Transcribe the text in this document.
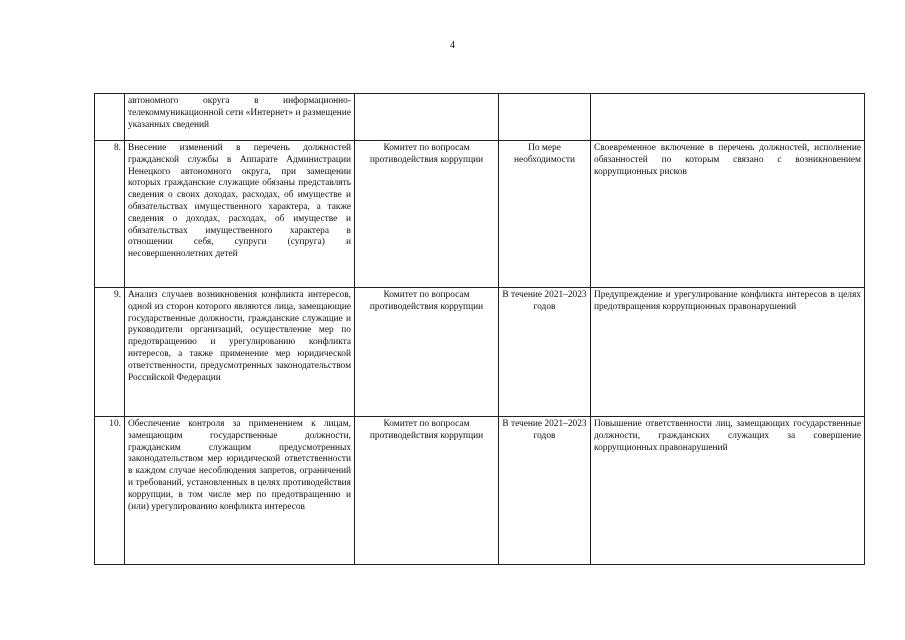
4
	автономного округа в информационно-телекоммуникационной сети «Интернет» и размещение указанных сведений			
8.	Внесение изменений в перечень должностей гражданской службы в Аппарате Администрации Ненецкого автономного округа, при замещении которых гражданские служащие обязаны представлять сведения о своих доходах, расходах, об имуществе и обязательствах имущественного характера, а также сведения о доходах, расходах, об имуществе и обязательствах имущественного характера в отношении себя, супруги (супруга) и несовершеннолетних детей	Комитет по вопросам противодействия коррупции	По мере необходимости	Своевременное включение в перечень должностей, исполнение обязанностей по которым связано с возникновением коррупционных рисков
9.	Анализ случаев возникновения конфликта интересов, одной из сторон которого являются лица, замещающие государственные должности, гражданские служащие и руководители организаций, осуществление мер по предотвращению и урегулированию конфликта интересов, а также применение мер юридической ответственности, предусмотренных законодательством Российской Федерации	Комитет по вопросам противодействия коррупции	В течение 2021–2023 годов	Предупреждение и урегулирование конфликта интересов в целях предотвращения коррупционных правонарушений
10.	Обеспечение контроля за применением к лицам, замещающим государственные должности, гражданским служащим предусмотренных законодательством мер юридической ответственности в каждом случае несоблюдения запретов, ограничений и требований, установленных в целях противодействия коррупции, в том числе мер по предотвращению и (или) урегулированию конфликта интересов	Комитет по вопросам противодействия коррупции	В течение 2021–2023 годов	Повышение ответственности лиц, замещающих государственные должности, гражданских служащих за совершение коррупционных правонарушений
